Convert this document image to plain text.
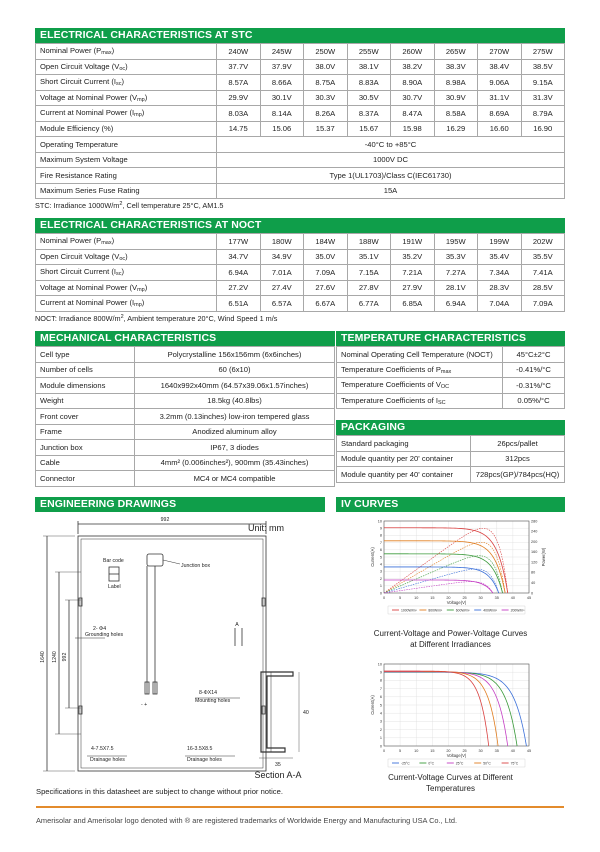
ELECTRICAL CHARACTERISTICS AT STC
Nominal Power $(P_{max})$	240W	245W	250W	255W	260W	265W	270W	275W
Open Circuit Voltage $(V_{oc})$	37.7V	37.9V	38.0V	38.1V	38.2V	38.3V	38.4V	38.5V
Short Circuit Current $(I_{sc})$	8.57A	8.66A	8.75A	8.83A	8.90A	8.98A	9.06A	9.15A
Voltage at Nominal Power $(V_{mp})$	29.9V	30.1V	30.3V	30.5V	30.7V	30.9V	31.1V	31.3V
Current at Nominal Power $(I_{mp})$	8.03A	8.14A	8.26A	8.37A	8.47A	8.58A	8.69A	8.79A
Module Efficiency (%)	14.75	15.06	15.37	15.67	15.98	16.29	16.60	16.90
Operating Temperature	-40°C to +85°C							
Maximum System Voltage	1000V DC							
Fire Resistance Rating	Type 1(UL1703)/Class C(IEC61730)							
Maximum Series Fuse Rating	15A							
STC: Irradiance $1000W/m^2$, Cell temperature 25°C, AM1.5
ELECTRICAL CHARACTERISTICS AT NOCT
Nominal Power $(P_{max})$	177W	180W	184W	188W	191W	195W	199W	202W
Open Circuit Voltage $(V_{oc})$	34.7V	34.9V	35.0V	35.1V	35.2V	35.3V	35.4V	35.5V
Short Circuit Current $(I_{sc})$	6.94A	7.01A	7.09A	7.15A	7.21A	7.27A	7.34A	7.41A
Voltage at Nominal Power $(V_{mp})$	27.2V	27.4V	27.6V	27.8V	27.9V	28.1V	28.3V	28.5V
Current at Nominal Power $(I_{mp})$	6.51A	6.57A	6.67A	6.77A	6.85A	6.94A	7.04A	7.09A
NOCT: Irradiance $800W/m^2$, Ambient temperature 20°C, Wind Speed 1 m/s
MECHANICAL CHARACTERISTICS
Cell type	Polycrystalline 156x156mm (6x6inches)
Number of cells	60 (6x10)
Module dimensions	1640x992x40mm (64.57x39.06x1.57inches)
Weight	18.5kg (40.8lbs)
Front cover	3.2mm (0.13inches) low-iron tempered glass
Frame	Anodized aluminum alloy
Junction box	IP67, 3 diodes
Cable	4mm² (0.006inches²), 900mm (35.43inches)
Connector	MC4 or MC4 compatible
TEMPERATURE CHARACTERISTICS
Nominal Operating Cell Temperature (NOCT)	45°C±2°C
Temperature Coefficients of $P_{max}$	-0.41%/°C
Temperature Coefficients of $V_{OC}$	-0.31%/°C
Temperature Coefficients of $I_{SC}$	0.05%/°C
PACKAGING
Standard packaging	26pcs/pallet
Module quantity per 20' container	312pcs
Module quantity per 40' container	728pcs(GP)/784pcs(HQ)
ENGINEERING DRAWINGS
Unit: mm
992
1640 1240 992
Bar code
Label
Junction box
2- Φ4
Grounding holes
8-ΦX14
Mounting holes
4-7.5X7.5
Drainage holes
16-3.5X8.5
Drainage holes
A
- +
40
35
Section A-A
IV CURVES
0	5	10	15	20	25	30	35	40	45
0
1
2
3
4
5
6
7
8
9
10
0
40
80
120
160
200
240
280
Power(W)
Current(A)
Voltage(V)
1000W/m²	800W/m²	600W/m²	400W/m²	200W/m²
Current-Voltage and Power-Voltage Curves
at Different Irradiances
0	5	10	15	20	25	30	35	40	45
0
1
2
3
4
5
6
7
8
9
10
Current(A)
Voltage(V)
-25°C	0°C	25°C	50°C	75°C
Current-Voltage Curves at Different
Temperatures
Specifications in this datasheet are subject to change without prior notice.
Amerisolar and Amerisolar logo denoted with ® are registered trademarks of Worldwide Energy and Manufacturing USA Co., Ltd.
